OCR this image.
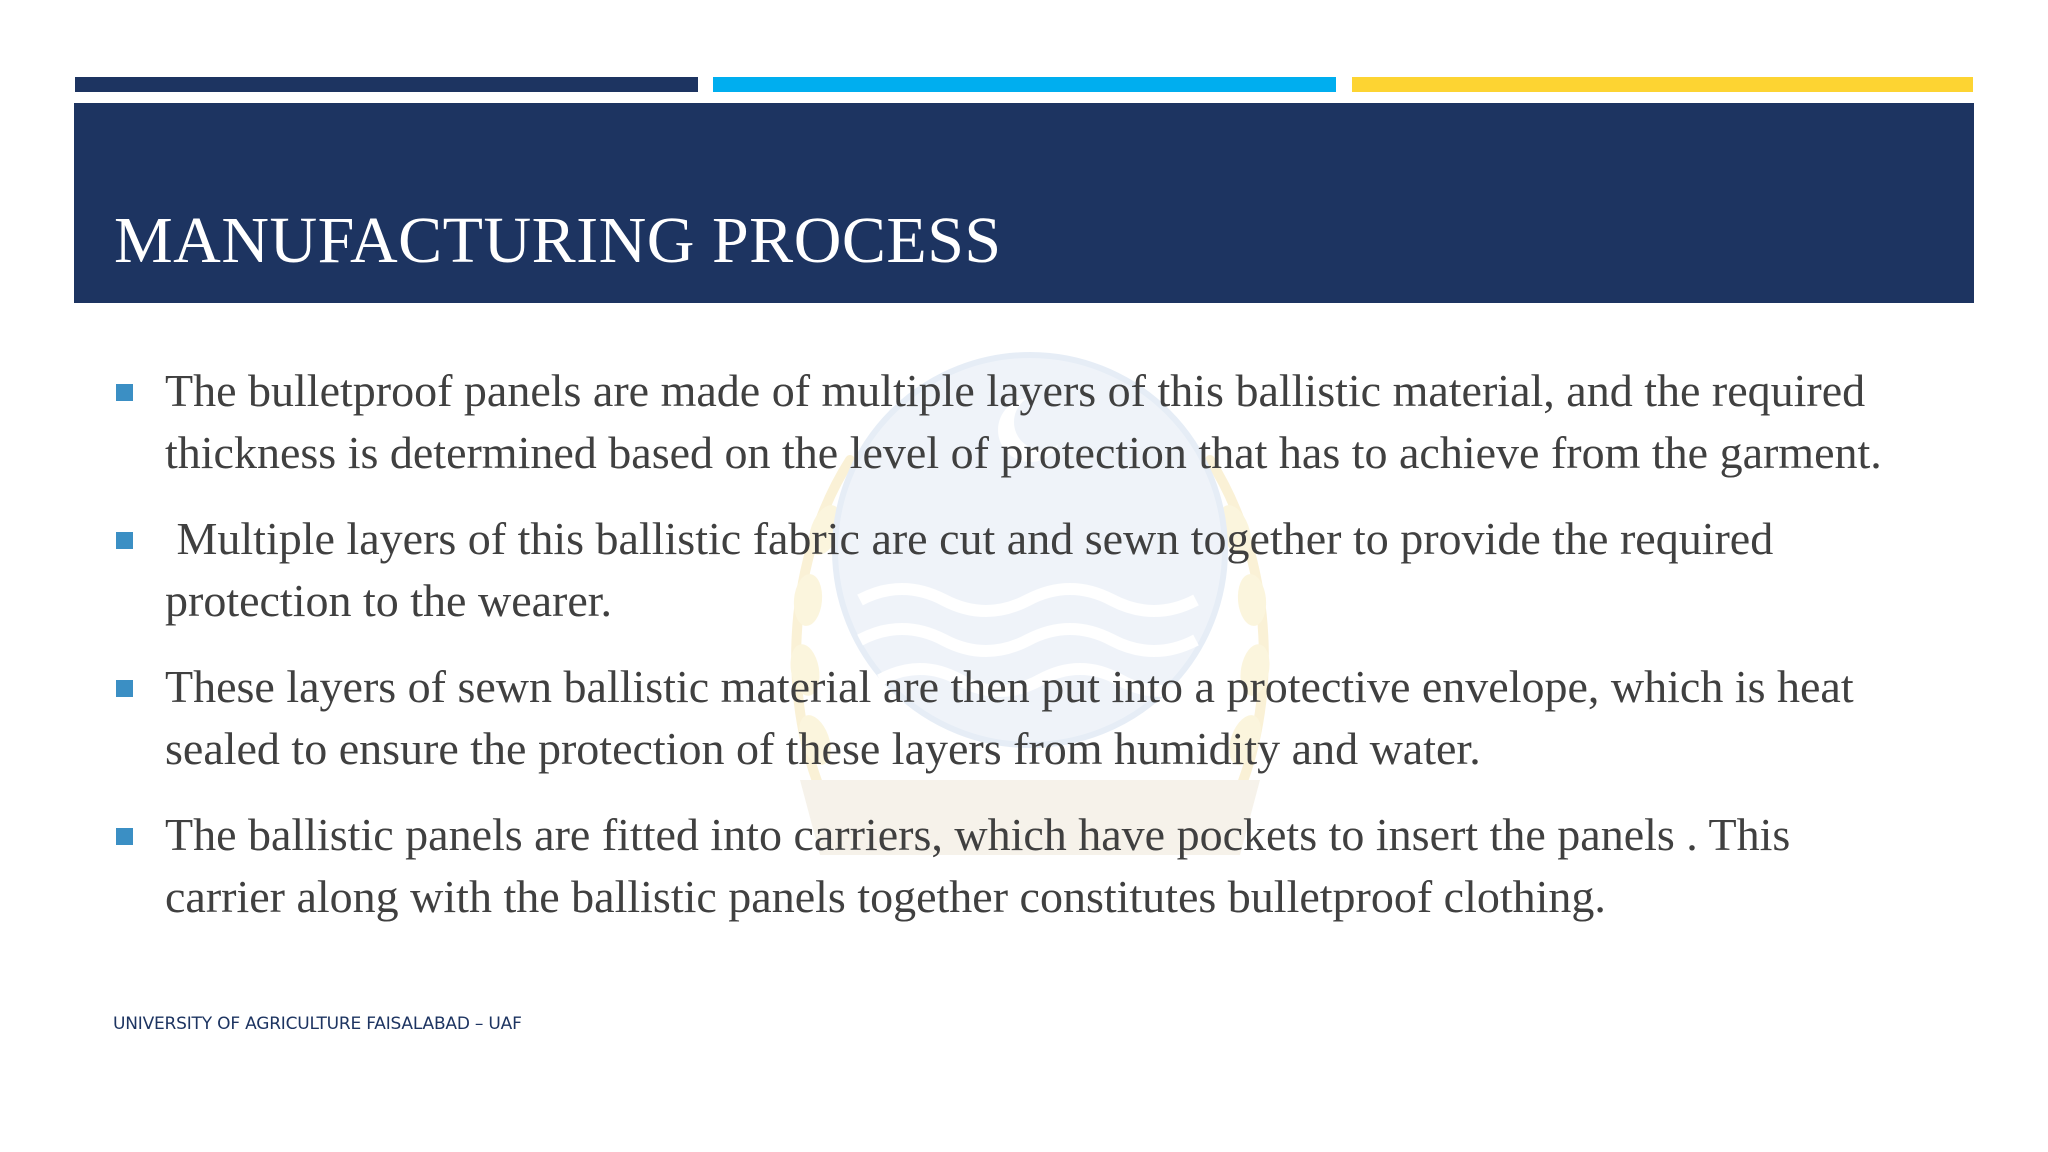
MANUFACTURING PROCESS
The bulletproof panels are made of multiple layers of this ballistic material, and the required thickness is determined based on the level of protection that has to achieve from the garment.
Multiple layers of this ballistic fabric are cut and sewn together to provide the required protection to the wearer.
These layers of sewn ballistic material are then put into a protective envelope, which is heat sealed to ensure the protection of these layers from humidity and water.
The ballistic panels are fitted into carriers, which have pockets to insert the panels . This carrier along with the ballistic panels together constitutes bulletproof clothing.
UNIVERSITY OF AGRICULTURE FAISALABAD – UAF
